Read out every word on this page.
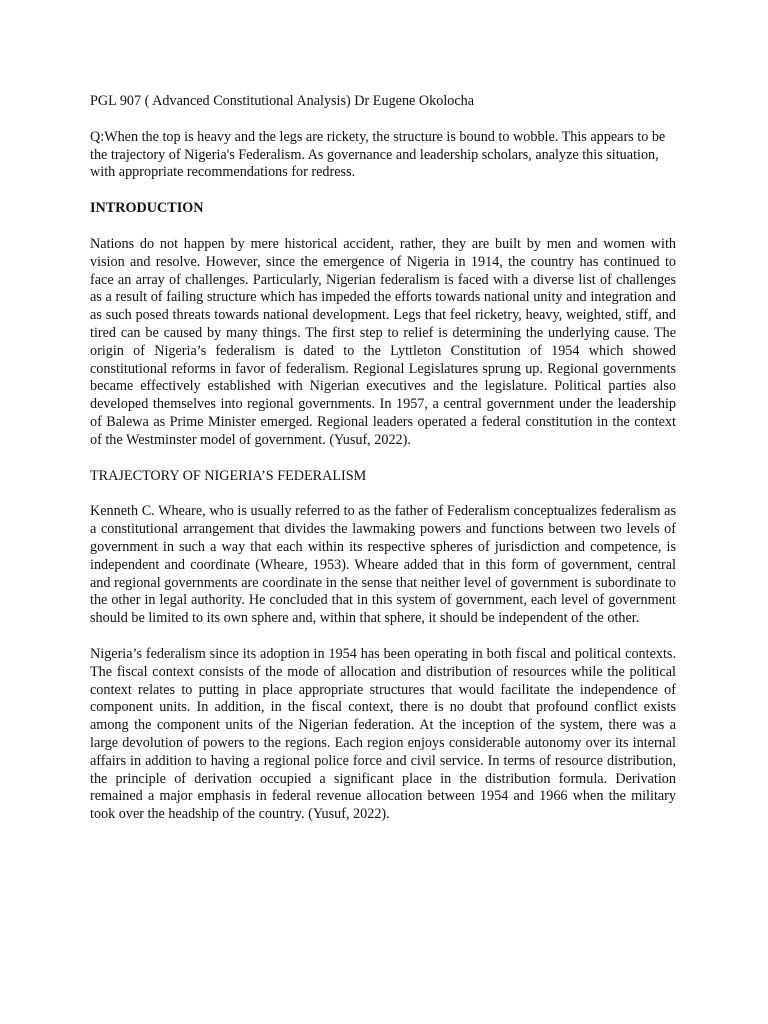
PGL 907 ( Advanced Constitutional Analysis) Dr Eugene Okolocha

Q:When the top is heavy and the legs are rickety, the structure is bound to wobble. This appears to be the trajectory of Nigeria's Federalism. As governance and leadership scholars, analyze this situation, with appropriate recommendations for redress.

INTRODUCTION

Nations do not happen by mere historical accident, rather, they are built by men and women with vision and resolve. However, since the emergence of Nigeria in 1914, the country has continued to face an array of challenges. Particularly, Nigerian federalism is faced with a diverse list of challenges as a result of failing structure which has impeded the efforts towards national unity and integration and as such posed threats towards national development. Legs that feel ricketry, heavy, weighted, stiff, and tired can be caused by many things. The first step to relief is determining the underlying cause. The origin of Nigeria’s federalism is dated to the Lyttleton Constitution of 1954 which showed constitutional reforms in favor of federalism. Regional Legislatures sprung up. Regional governments became effectively established with Nigerian executives and the legislature. Political parties also developed themselves into regional governments. In 1957, a central government under the leadership of Balewa as Prime Minister emerged. Regional leaders operated a federal constitution in the context of the Westminster model of government. (Yusuf, 2022).

TRAJECTORY OF NIGERIA’S FEDERALISM

Kenneth C. Wheare, who is usually referred to as the father of Federalism conceptualizes federalism as a constitutional arrangement that divides the lawmaking powers and functions between two levels of government in such a way that each within its respective spheres of jurisdiction and competence, is independent and coordinate (Wheare, 1953). Wheare added that in this form of government, central and regional governments are coordinate in the sense that neither level of government is subordinate to the other in legal authority. He concluded that in this system of government, each level of government should be limited to its own sphere and, within that sphere, it should be independent of the other.

Nigeria’s federalism since its adoption in 1954 has been operating in both fiscal and political contexts. The fiscal context consists of the mode of allocation and distribution of resources while the political context relates to putting in place appropriate structures that would facilitate the independence of component units. In addition, in the fiscal context, there is no doubt that profound conflict exists among the component units of the Nigerian federation. At the inception of the system, there was a large devolution of powers to the regions. Each region enjoys considerable autonomy over its internal affairs in addition to having a regional police force and civil service. In terms of resource distribution, the principle of derivation occupied a significant place in the distribution formula. Derivation remained a major emphasis in federal revenue allocation between 1954 and 1966 when the military took over the headship of the country. (Yusuf, 2022).
